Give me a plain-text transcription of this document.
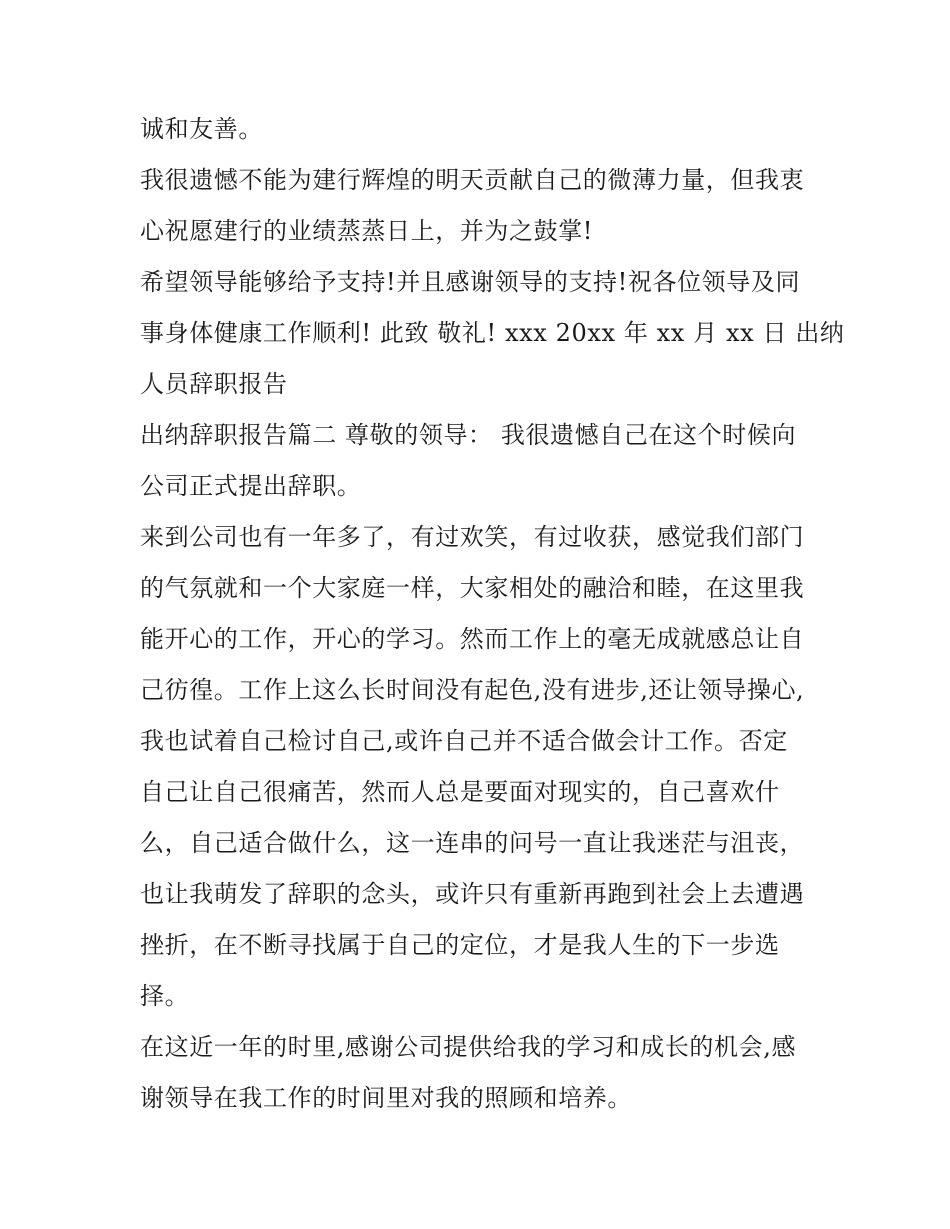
诚和友善。
我很遗憾不能为建行辉煌的明天贡献自己的微薄力量，但我衷
心祝愿建行的业绩蒸蒸日上，并为之鼓掌!
希望领导能够给予支持!并且感谢领导的支持!祝各位领导及同
事身体健康工作顺利! 此致 敬礼! xxx 20xx 年 xx 月 xx 日 出纳
人员辞职报告
出纳辞职报告篇二 尊敬的领导： 我很遗憾自己在这个时候向
公司正式提出辞职。
来到公司也有一年多了，有过欢笑，有过收获，感觉我们部门
的气氛就和一个大家庭一样，大家相处的融洽和睦，在这里我
能开心的工作，开心的学习。然而工作上的毫无成就感总让自
己彷徨。工作上这么长时间没有起色,没有进步,还让领导操心,
我也试着自己检讨自己,或许自己并不适合做会计工作。否定
自己让自己很痛苦，然而人总是要面对现实的，自己喜欢什
么，自己适合做什么，这一连串的问号一直让我迷茫与沮丧，
也让我萌发了辞职的念头，或许只有重新再跑到社会上去遭遇
挫折，在不断寻找属于自己的定位，才是我人生的下一步选
择。
在这近一年的时里,感谢公司提供给我的学习和成长的机会,感
谢领导在我工作的时间里对我的照顾和培养。
